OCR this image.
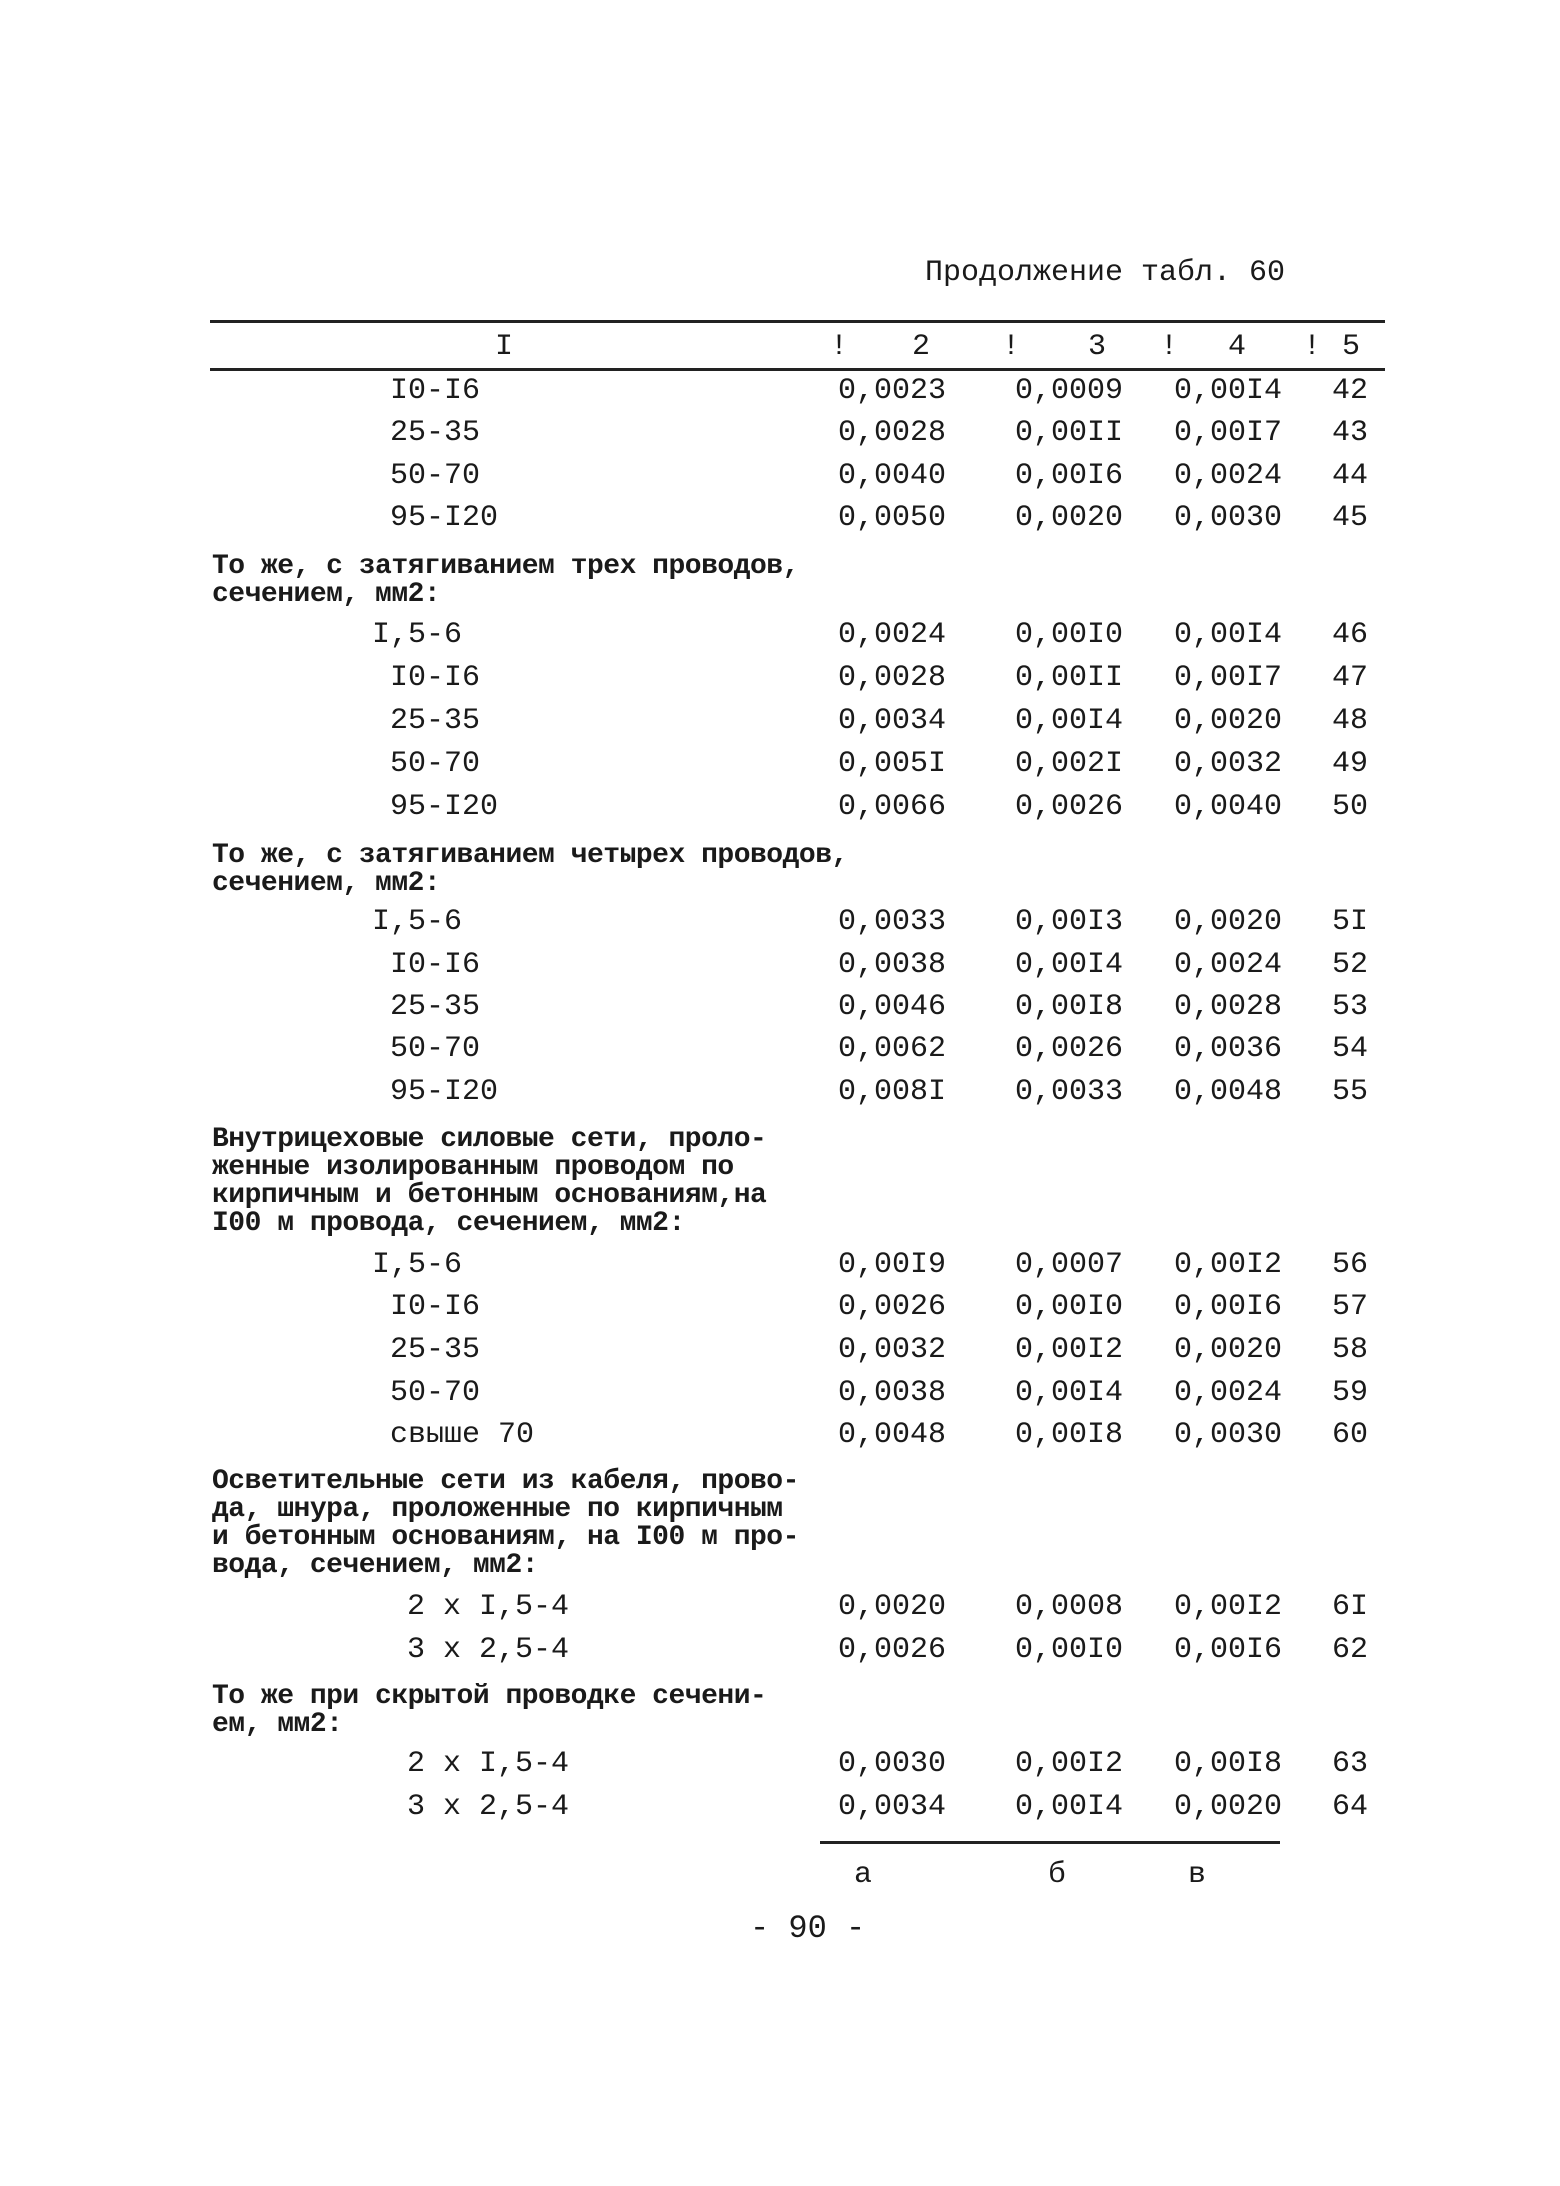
Продолжение табл. 60
I	! 2 ! 3 ! 4 ! 5
I0-I6	0,0023 0,0009 0,00I4 42
25-35	0,0028 0,00II 0,00I7 43
50-70	0,0040 0,00I6 0,0024 44
95-I20	0,0050 0,0020 0,0030 45
То же, с затягиванием трех проводов,
сечением, мм2:
I,5-6	0,0024 0,00I0 0,00I4 46
I0-I6	0,0028 0,00II 0,00I7 47
25-35	0,0034 0,00I4 0,0020 48
50-70	0,005I 0,002I 0,0032 49
95-I20	0,0066 0,0026 0,0040 50
То же, с затягиванием четырех проводов,
сечением, мм2:
I,5-6	0,0033 0,00I3 0,0020 5I
I0-I6	0,0038 0,00I4 0,0024 52
25-35	0,0046 0,00I8 0,0028 53
50-70	0,0062 0,0026 0,0036 54
95-I20	0,008I 0,0033 0,0048 55
Внутрицеховые силовые сети, проло-
женные изолированным проводом по
кирпичным и бетонным основаниям,на
I00 м провода, сечением, мм2:
I,5-6	0,00I9 0,0007 0,00I2 56
I0-I6	0,0026 0,00I0 0,00I6 57
25-35	0,0032 0,00I2 0,0020 58
50-70	0,0038 0,00I4 0,0024 59
свыше 70	0,0048 0,00I8 0,0030 60
Осветительные сети из кабеля, прово-
да, шнура, проложенные по кирпичным
и бетонным основаниям, на I00 м про-
вода, сечением, мм2:
2 x I,5-4	0,0020 0,0008 0,00I2 6I
3 x 2,5-4	0,0026 0,00I0 0,00I6 62
То же при скрытой проводке сечени-
ем, мм2:
2 x I,5-4	0,0030 0,00I2 0,00I8 63
3 x 2,5-4	0,0034 0,00I4 0,0020 64
а	б	в
- 90 -
